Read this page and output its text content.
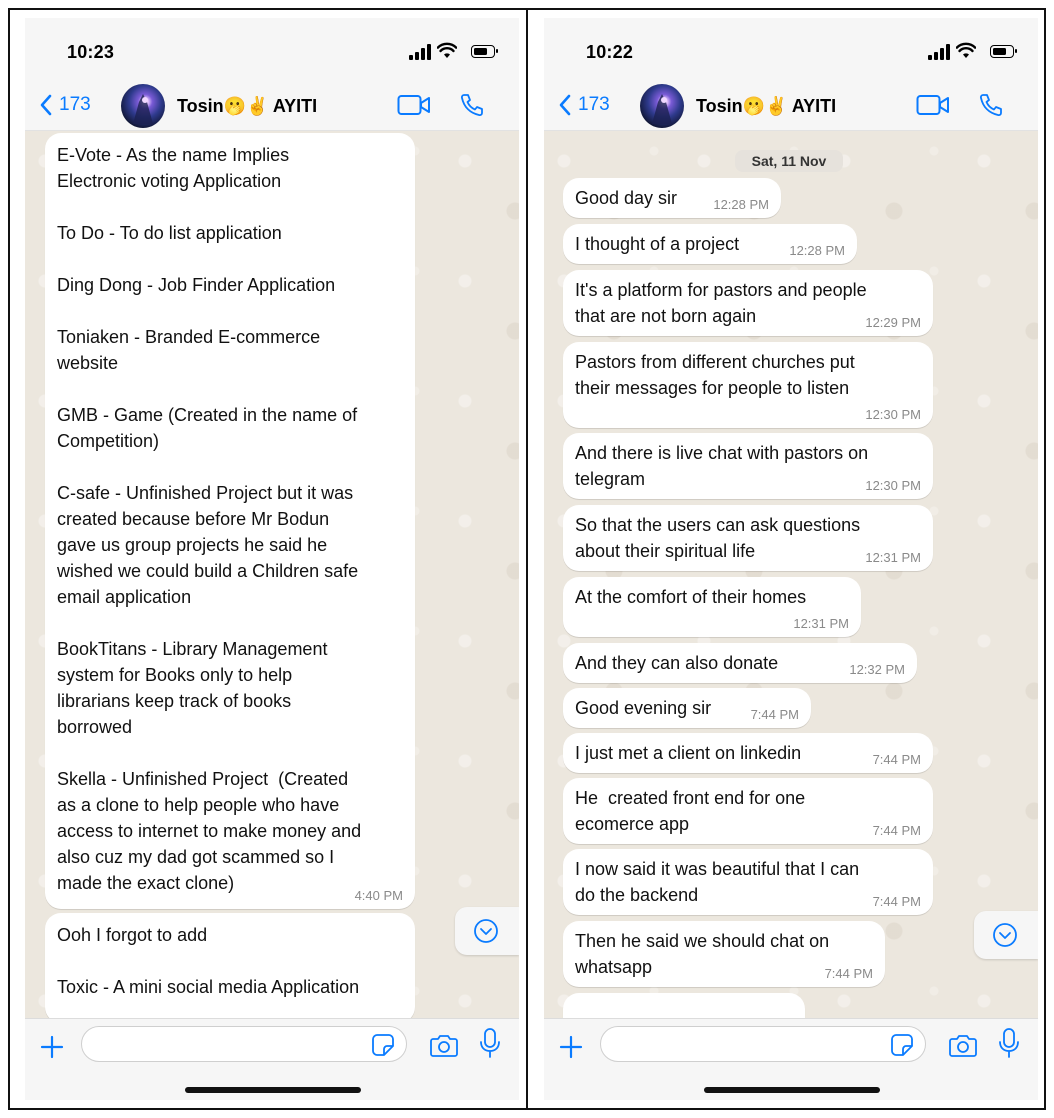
10:23
173	Tosin🫢✌️ AYITI
E-Vote - As the name Implies
Electronic voting Application

To Do - To do list application

Ding Dong - Job Finder Application

Toniaken - Branded E-commerce
website

GMB - Game (Created in the name of
Competition)

C-safe - Unfinished Project but it was
created because before Mr Bodun
gave us group projects he said he
wished we could build a Children safe
email application

BookTitans - Library Management
system for Books only to help
librarians keep track of books
borrowed

Skella - Unfinished Project  (Created
as a clone to help people who have
access to internet to make money and
also cuz my dad got scammed so I
made the exact clone)
4:40 PM
Ooh I forgot to add

Toxic - A mini social media Application
10:22
173	Tosin🫢✌️ AYITI
Sat, 11 Nov
Good day sir	12:28 PM
I thought of a project	12:28 PM
It's a platform for pastors and people
that are not born again	12:29 PM
Pastors from different churches put
their messages for people to listen
12:30 PM
And there is live chat with pastors on
telegram	12:30 PM
So that the users can ask questions
about their spiritual life	12:31 PM
At the comfort of their homes
12:31 PM
And they can also donate	12:32 PM
Good evening sir	7:44 PM
I just met a client on linkedin	7:44 PM
He  created front end for one
ecomerce app	7:44 PM
I now said it was beautiful that I can
do the backend	7:44 PM
Then he said we should chat on
whatsapp	7:44 PM
